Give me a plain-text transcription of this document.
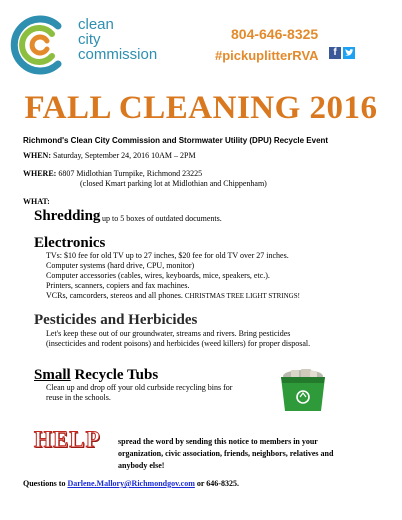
clean
city
commission
804-646-8325
#pickuplitterRVA	f
FALL CLEANING 2016
Richmond's Clean City Commission and Stormwater Utility (DPU) Recycle Event
WHEN: Saturday, September 24, 2016 10AM – 2PM
WHERE: 6807 Midlothian Turnpike, Richmond 23225
(closed Kmart parking lot at Midlothian and Chippenham)
WHAT:
Shredding up to 5 boxes of outdated documents.
Electronics
TVs: $10 fee for old TV up to 27 inches, $20 fee for old TV over 27 inches.
Computer systems (hard drive, CPU, monitor)
Computer accessories (cables, wires, keyboards, mice, speakers, etc.).
Printers, scanners, copiers and fax machines.
VCRs, camcorders, stereos and all phones. CHRISTMAS TREE LIGHT STRINGS!
Pesticides and Herbicides
Let's keep these out of our groundwater, streams and rivers. Bring pesticides
(insecticides and rodent poisons) and herbicides (weed killers) for proper disposal.
Small Recycle Tubs
Clean up and drop off your old curbside recycling bins for
reuse in the schools.
HELP spread the word by sending this notice to members in your
organization, civic association, friends, neighbors, relatives and
anybody else!
Questions to Darlene.Mallory@Richmondgov.com or 646-8325.
